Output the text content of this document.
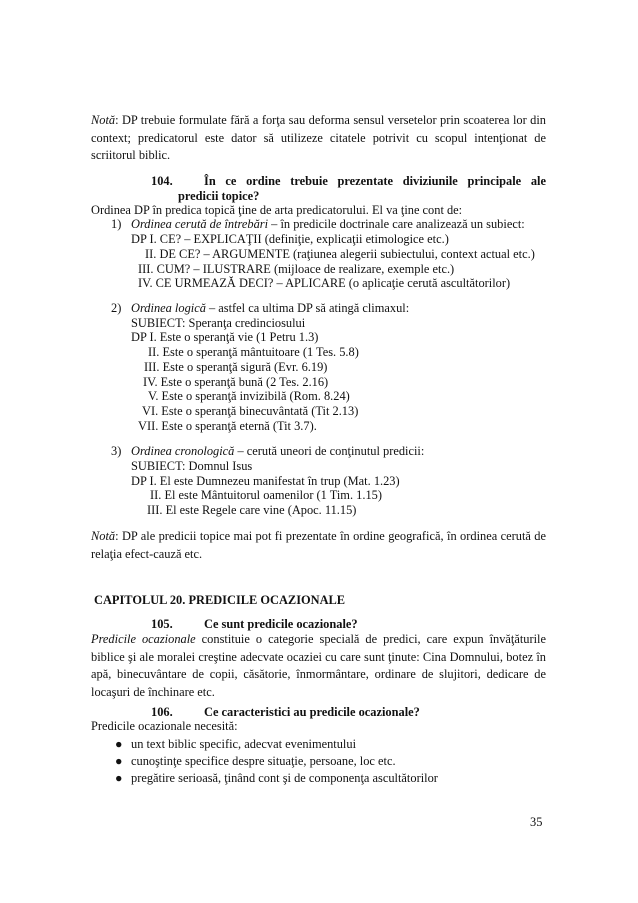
Notă: DP trebuie formulate fără a forţa sau deforma sensul versetelor prin scoaterea lor din context; predicatorul este dator să utilizeze citatele potrivit cu scopul intenţionat de scriitorul biblic.

104.	În ce ordine trebuie prezentate diviziunile principale ale
predicii topice?
Ordinea DP în predica topică ţine de arta predicatorului. El va ţine cont de:
1) Ordinea cerută de întrebări – în predicile doctrinale care analizează un subiect:
DP I. CE? – EXPLICAŢII (definiţie, explicaţii etimologice etc.)
II. DE CE? – ARGUMENTE (raţiunea alegerii subiectului, context actual etc.)
III. CUM? – ILUSTRARE (mijloace de realizare, exemple etc.)
IV. CE URMEAZĂ DECI? – APLICARE (o aplicaţie cerută ascultătorilor)
2) Ordinea logică – astfel ca ultima DP să atingă climaxul:
SUBIECT: Speranţa credinciosului
DP I. Este o speranţă vie (1 Petru 1.3)
II. Este o speranţă mântuitoare (1 Tes. 5.8)
III. Este o speranţă sigură (Evr. 6.19)
IV. Este o speranţă bună (2 Tes. 2.16)
V. Este o speranţă invizibilă (Rom. 8.24)
VI. Este o speranţă binecuvântată (Tit 2.13)
VII. Este o speranţă eternă (Tit 3.7).
3) Ordinea cronologică – cerută uneori de conţinutul predicii:
SUBIECT: Domnul Isus
DP I. El este Dumnezeu manifestat în trup (Mat. 1.23)
II. El este Mântuitorul oamenilor (1 Tim. 1.15)
III. El este Regele care vine (Apoc. 11.15)

Notă: DP ale predicii topice mai pot fi prezentate în ordine geografică, în ordinea cerută de relaţia efect-cauză etc.

CAPITOLUL 20. PREDICILE OCAZIONALE
105.	Ce sunt predicile ocazionale?

Predicile ocazionale constituie o categorie specială de predici, care expun învăţăturile biblice şi ale moralei creştine adecvate ocaziei cu care sunt ţinute: Cina Domnului, botez în apă, binecuvântare de copii, căsătorie, înmormântare, ordinare de slujitori, dedicare de locaşuri de închinare etc.

106.	Ce caracteristici au predicile ocazionale?
Predicile ocazionale necesită:
● un text biblic specific, adecvat evenimentului
● cunoştinţe specifice despre situaţie, persoane, loc etc.
● pregătire serioasă, ţinând cont şi de componenţa ascultătorilor
35
